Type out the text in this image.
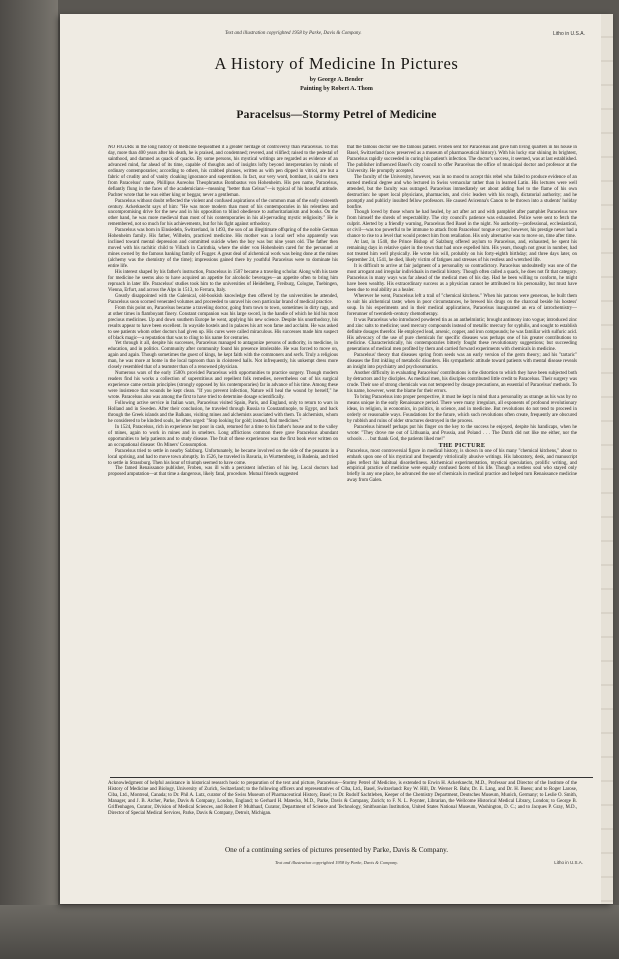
Text and illustration copyrighted 1958 by Parke, Davis & Company.	Litho in U.S.A.
A History of Medicine In Pictures
by George A. Bender
Painting by Robert A. Thom
Paracelsus—Stormy Petrel of Medicine

NO FIGURE in the long history of medicine bequeathed it a greater heritage of controversy than Paracelsus. To this day, more than 400 years after his death, he is praised, and condemned; revered, and vilified; raised to the pedestal of sainthood, and damned as quack of quacks. By some persons, his mystical writings are regarded as evidence of an advanced mind, far ahead of its time, capable of thoughts and of insights lofty beyond interpretation by minds of ordinary contemporaries; according to others, his crabbed phrases, written as with pen dipped in vitriol, are but a fabric of crudity and of vanity cloaking ignorance and superstition. In fact, our very word, bombast, is said to stem from Paracelsus' name, Phillipus Aureolus Theophrastus Bombastus von Hohenheim. His pen name, Paracelsus, defiantly flung in the faces of the academicians—meaning "better than Celsus"—is typical of his boastful attitude. Pachter wrote that he was either king or beggar, never a gentleman.

Paracelsus without doubt reflected the violent and confused aspirations of the common man of the early sixteenth century. Ackerknecht says of him: "He was more modern than most of his contemporaries in his relentless and uncompromising drive for the new and in his opposition to blind obedience to authoritarianism and books. On the other hand, he was more medieval than most of his contemporaries in his all-pervading mystic religiosity." He is remembered, not so much for his achievements, but for his fight against orthodoxy.

Paracelsus was born in Einsiedeln, Switzerland, in 1493, the son of an illegitimate offspring of the noble German Hohenheim family. His father, Wilhelm, practiced medicine. His mother was a local serf who apparently was inclined toward mental depression and committed suicide when the boy was but nine years old. The father then moved with his rachitic child to Villach in Carinthia, where the older von Hohenheim cared for the personnel at mines owned by the famous banking family of Fugger. A great deal of alchemical work was being done at the mines (alchemy was the chemistry of the time); impressions gained there by youthful Paracelsus were to dominate his entire life.

His interest shaped by his father's instruction, Paracelsus in 1507 became a traveling scholar. Along with his taste for medicine he seems also to have acquired an appetite for alcoholic beverages—an appetite often to bring him reproach in later life. Paracelsus' studies took him to the universities of Heidelberg, Freiburg, Cologne, Tuebingen, Vienna, Erfurt, and across the Alps in 1513, to Ferrara, Italy.

Greatly disappointed with the Galenical, old-bookish knowledge then offered by the universities he attended, Paracelsus soon scorned venerated volumes and proceeded to unravel his own particular brand of medical practice.

From this point on, Paracelsus became a traveling doctor, going from town to town, sometimes in dirty rags, and at other times in flamboyant finery. Constant companion was his large sword, in the handle of which he hid his most precious medicines. Up and down southern Europe he went, applying his new science. Despite his unorthodoxy, his results appear to have been excellent. In wayside hostels and in palaces his art won fame and acclaim. He was asked to see patients whom other doctors had given up. His cures were called miraculous. His successes made him suspect of black magic—a reputation that was to cling to his name for centuries.

Yet through it all, despite his successes, Paracelsus managed to antagonize persons of authority, in medicine, in education, and in politics. Community after community found his presence intolerable. He was forced to move on, again and again. Though sometimes the guest of kings, he kept faith with the commoners and serfs. Truly a religious man, he was more at home in the local taproom than in cloistered halls. Not infrequently, his unkempt dress more closely resembled that of a teamster than of a renowned physician.

Numerous wars of the early 1500's provided Paracelsus with opportunities to practice surgery. Though modern readers find his works a collection of superstitious and repellent folk remedies, nevertheless out of his surgical experience came certain principles (strongly opposed by his contemporaries) far in advance of his time. Among these were insistence that wounds be kept clean. "If you prevent infection, Nature will heal the wound by herself," he wrote. Paracelsus also was among the first to have tried to determine dosage scientifically.

Following active service in Italian wars, Paracelsus visited Spain, Paris, and England, only to return to wars in Holland and in Sweden. After their conclusion, he traveled through Russia to Constantinople, to Egypt, and back through the Greek islands and the Balkans, visiting mines and alchemists associated with them. To alchemists, whom he considered to be kindred souls, he often urged: "Stop looking for gold; instead, find medicines."

In 1524, Paracelsus, rich in experience but poor in cash, returned for a time to his father's house and to the valley of mines, again to work in mines and in smelters. Long afflictions common there gave Paracelsus abundant opportunities to help patients and to study disease. The fruit of these experiences was the first book ever written on an occupational disease: On Miners' Consumption.

Paracelsus tried to settle in nearby Salzburg. Unfortunately, he became involved on the side of the peasants in a local uprising, and had to move town abruptly. In 1526, he traveled in Bavaria, in Wurttemberg, in Badenia, and tried to settle in Strassburg. Then his hour of triumph seemed to have come.

The famed Renaissance publisher, Froben, was ill with a persistent infection of his leg. Local doctors had proposed amputation—at that time a dangerous, likely fatal, procedure. Mutual friends suggested

that the famous doctor see the famous patient. Froben sent for Paracelsus and gave him living quarters in his house in Basel, Switzerland (now preserved as a museum of pharmaceutical history). With his lucky star shining its brightest, Paracelsus rapidly succeeded in curing his patient's infection. The doctor's success, it seemed, was at last established. The publisher influenced Basel's city council to offer Paracelsus the office of municipal doctor and professor at the University. He promptly accepted.

The faculty of the University, however, was in no mood to accept this rebel who failed to produce evidence of an earned medical degree and who lectured in Swiss vernacular rather than in learned Latin. His lectures were well attended, but the faculty was outraged. Paracelsus immediately set about adding fuel to the flame of his own destruction: he upset local physicians, pharmacists, and civic leaders with his rough, dictatorial authority; and he promptly and publicly insulted fellow professors. He caused Avicenna's Canon to be thrown into a students' holiday bonfire.

Though loved by those whom he had healed, by act after act and with pamphlet after pamphlet Paracelsus tore from himself the shreds of respectability. The city council's patience was exhausted. Police were sent to fetch the culprit. Alerted by a friendly warning, Paracelsus fled Basel in the night. No authority—professional, ecclesiastical, or civil—was too powerful to be immune to attack from Paracelsus' tongue or pen; however, his prestige never had a chance to rise to a level that would protect him from retaliation. His only alternative was to move on, time after time.

At last, in 1540, the Prince Bishop of Salzburg offered asylum to Paracelsus, and, exhausted, he spent his remaining days in relative quiet in the town that had once expelled him. His years, though not great in number, had not treated him well physically. He wrote his will, probably on his forty-eighth birthday; and three days later, on September 24, 1541, he died, likely victim of fatigues and stresses of his restless and wretched life.

It is difficult to arrive at fair judgment of a personality so contradictory. Paracelsus undoubtedly was one of the most arrogant and irregular individuals in medical history. Though often called a quack, he does not fit that category. Paracelsus in many ways was far ahead of the medical men of his day. Had he been willing to conform, he might have been wealthy. His extraordinary success as a physician cannot be attributed to his personality, but must have been due to real ability as a healer.

Wherever he went, Paracelsus left a trail of "chemical kitchens." When his patrons were generous, he built them to suit his alchemical taste; when in poor circumstances, he brewed his drugs on the charcoal beside his hostess' soup. In his experiments and in their medical applications, Paracelsus inaugurated an era of iatrochemistry—forerunner of twentieth-century chemotherapy.

It was Paracelsus who introduced powdered tin as an anthelmintic; brought antimony into vogue; introduced zinc and zinc salts to medicine; used mercury compounds instead of metallic mercury for syphilis, and sought to establish definite dosages therefor. He employed lead, arsenic, copper, and iron compounds; he was familiar with sulfuric acid. His advocacy of the use of pure chemicals for specific diseases was perhaps one of his greater contributions to medicine. Characteristically, his contemporaries bitterly fought these revolutionary suggestions; but succeeding generations of medical men profited by them and carried forward experiments with chemicals in medicine.

Paracelsus' theory that diseases spring from seeds was an early version of the germ theory; and his "tartaric" diseases the first inkling of metabolic disorders. His sympathetic attitude toward patients with mental disease reveals an insight into psychiatry and psychosomatics.

Another difficulty in evaluating Paracelsus' contributions is the distortion to which they have been subjected both by detractors and by disciples. As medical men, his disciples contributed little credit to Paracelsus. Their surgery was crude. Their use of strong chemicals was not tempered by dosage precautions, an essential of Paracelsus' methods. To his name, however, went the blame for their errors.

To bring Paracelsus into proper perspective, it must be kept in mind that a personality as strange as his was by no means unique in the early Renaissance period. There were many irregulars, all exponents of profound revolutionary ideas, in religion, in economics, in politics, in science, and in medicine. But revolutions do not tend to proceed in orderly or reasonable ways. Foundations for the future, which such revolutions often create, frequently are obscured by rubbish and ruins of older structures destroyed in the process.

Paracelsus himself perhaps put his finger on the key to the success he enjoyed, despite his handicaps, when he wrote: "They drove me out of Lithuania, and Prussia, and Poland . . . The Dutch did not like me either, nor the schools . . . but thank God, the patients liked me!"

THE PICTURE

Paracelsus, most controversial figure in medical history, is shown in one of his many "chemical kitchens," about to embark upon one of his mystical and frequently vitriolically abusive writings. His laboratory, desk, and manuscript piles reflect his habitual disorderliness. Alchemical experimentation, mystical speculation, prolific writing, and empirical practice of medicine were equally confused facets of his life. Though a restless soul who stayed only briefly in any one place, he advanced the use of chemicals in medical practice and helped turn Renaissance medicine away from Galen.

Acknowledgment of helpful assistance in historical research basic to preparation of the text and picture, Paracelsus—Stormy Petrel of Medicine, is extended to Erwin H. Ackerknecht, M.D., Professor and Director of the Institute of the History of Medicine and Biology, University of Zurich, Switzerland; to the following officers and representatives of Ciba, Ltd., Basel, Switzerland: Roy W. Hill, Dr. Werner R. Bahr, Dr. E. Lang, and Dr. H. Buess; and to Roger Larose, Ciba, Ltd., Montreal, Canada; to Dr. Phil A. Lutz, curator of the Swiss Museum of Pharmaceutical History, Basel; to Dr. Rudolf Sachtleben, Keeper of the Chemistry Department, Deutsches Museum, Munich, Germany; to Leslie O. Smith, Manager, and J. B. Archer, Parke, Davis & Company, London, England; to Gerhard H. Matecko, M.D., Parke, Davis & Company, Zurich; to F. N. L. Poynter, Librarian, the Wellcome Historical Medical Library, London; to George B. Griffenhagen, Curator, Division of Medical Sciences, and Robert P. Multhauf, Curator, Department of Science and Technology, Smithsonian Institution, United States National Museum, Washington, D. C.; and to Jacques P. Gray, M.D., Director of Special Medical Services, Parke, Davis & Company, Detroit, Michigan.
One of a continuing series of pictures presented by Parke, Davis & Company.
Text and illustration copyrighted 1958 by Parke, Davis & Company.	Litho in U.S.A.
